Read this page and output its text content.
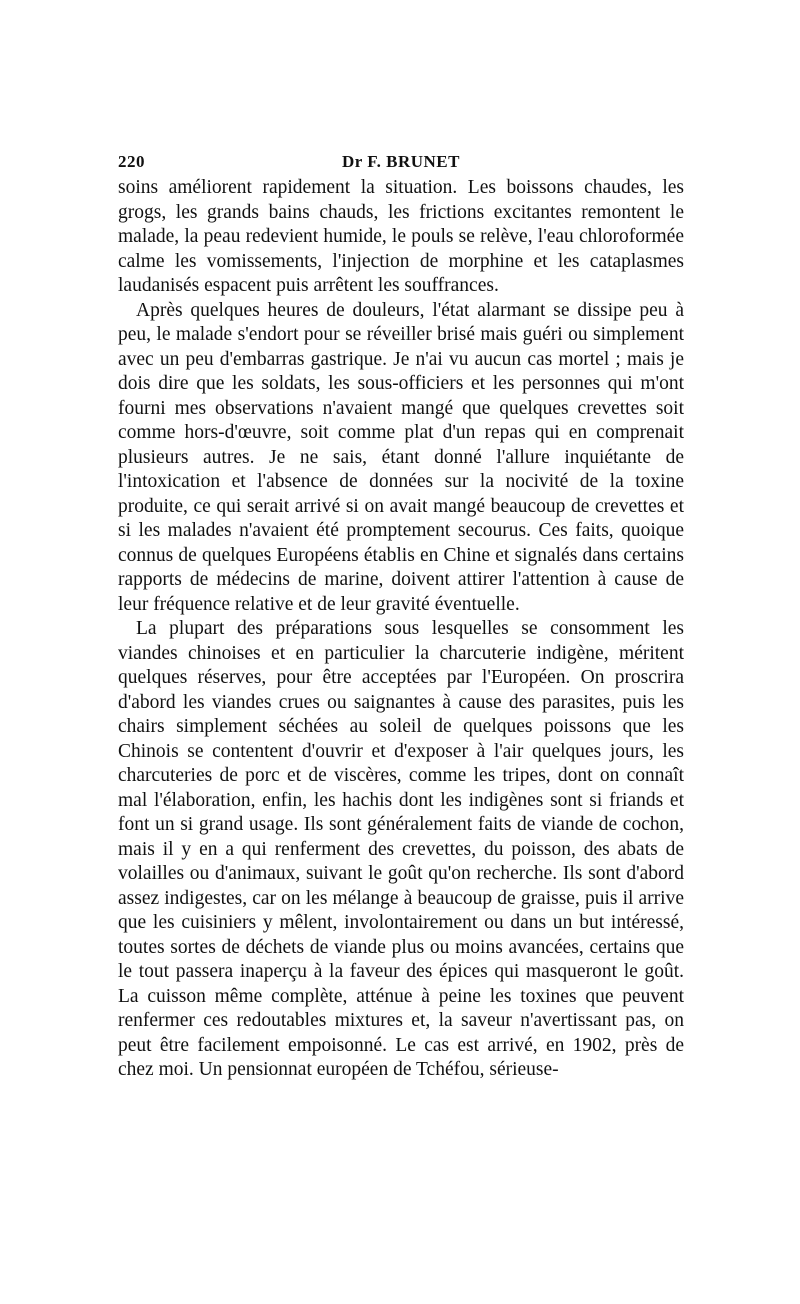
220	Dr F. BRUNET

soins améliorent rapidement la situation. Les boissons chaudes, les grogs, les grands bains chauds, les frictions excitantes remontent le malade, la peau redevient humide, le pouls se relève, l'eau chloroformée calme les vomissements, l'injection de morphine et les cataplasmes laudanisés espacent puis arrêtent les souffrances.

Après quelques heures de douleurs, l'état alarmant se dissipe peu à peu, le malade s'endort pour se réveiller brisé mais guéri ou simplement avec un peu d'embarras gastrique. Je n'ai vu aucun cas mortel ; mais je dois dire que les soldats, les sous-officiers et les personnes qui m'ont fourni mes observations n'avaient mangé que quelques crevettes soit comme hors-d'œuvre, soit comme plat d'un repas qui en comprenait plusieurs autres. Je ne sais, étant donné l'allure inquiétante de l'intoxication et l'absence de données sur la nocivité de la toxine produite, ce qui serait arrivé si on avait mangé beaucoup de crevettes et si les malades n'avaient été promptement secourus. Ces faits, quoique connus de quelques Européens établis en Chine et signalés dans certains rapports de médecins de marine, doivent attirer l'attention à cause de leur fréquence relative et de leur gravité éventuelle.

La plupart des préparations sous lesquelles se consomment les viandes chinoises et en particulier la charcuterie indigène, méritent quelques réserves, pour être acceptées par l'Européen. On proscrira d'abord les viandes crues ou saignantes à cause des parasites, puis les chairs simplement séchées au soleil de quelques poissons que les Chinois se contentent d'ouvrir et d'exposer à l'air quelques jours, les charcuteries de porc et de viscères, comme les tripes, dont on connaît mal l'élaboration, enfin, les hachis dont les indigènes sont si friands et font un si grand usage. Ils sont généralement faits de viande de cochon, mais il y en a qui renferment des crevettes, du poisson, des abats de volailles ou d'animaux, suivant le goût qu'on recherche. Ils sont d'abord assez indigestes, car on les mélange à beaucoup de graisse, puis il arrive que les cuisiniers y mêlent, involontairement ou dans un but intéressé, toutes sortes de déchets de viande plus ou moins avancées, certains que le tout passera inaperçu à la faveur des épices qui masqueront le goût. La cuisson même complète, atténue à peine les toxines que peuvent renfermer ces redoutables mixtures et, la saveur n'avertissant pas, on peut être facilement empoisonné. Le cas est arrivé, en 1902, près de chez moi. Un pensionnat européen de Tchéfou, sérieuse-
